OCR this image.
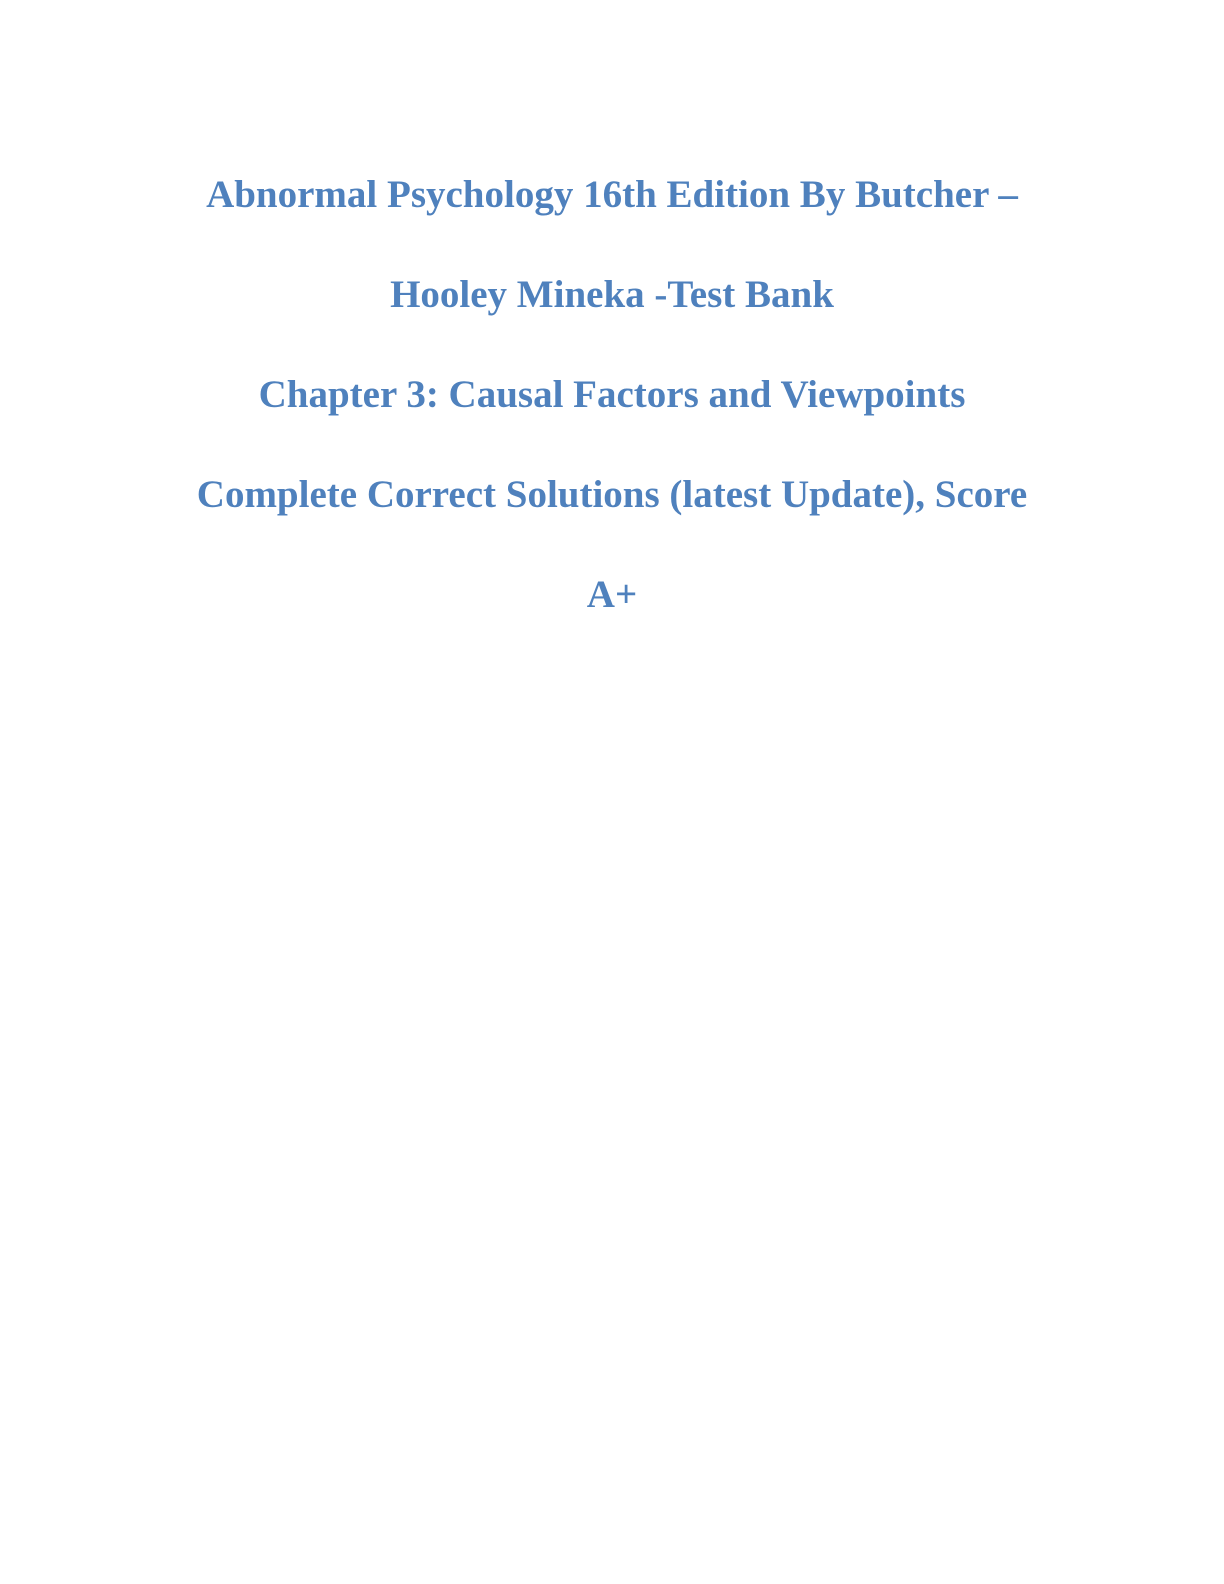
Abnormal Psychology 16th Edition By Butcher –

Hooley Mineka -Test Bank

Chapter 3: Causal Factors and Viewpoints

Complete Correct Solutions (latest Update), Score

A+
